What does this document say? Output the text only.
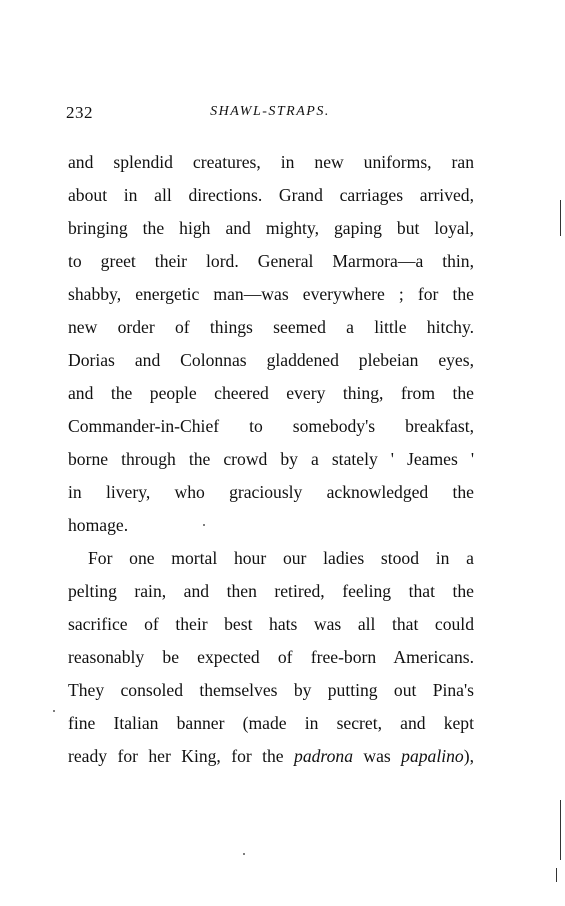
232	SHAWL-STRAPS.
and splendid creatures, in new uniforms, ran
about in all directions. Grand carriages arrived,
bringing the high and mighty, gaping but loyal,
to greet their lord. General Marmora—a thin,
shabby, energetic man—was everywhere ; for the
new order of things seemed a little hitchy.
Dorias and Colonnas gladdened plebeian eyes,
and the people cheered every thing, from the
Commander-in-Chief to somebody's breakfast,
borne through the crowd by a stately ' Jeames '
in livery, who graciously acknowledged the
homage.
For one mortal hour our ladies stood in a
pelting rain, and then retired, feeling that the
sacrifice of their best hats was all that could
reasonably be expected of free-born Americans.
They consoled themselves by putting out Pina's
fine Italian banner (made in secret, and kept
ready for her King, for the padrona was papalino),
